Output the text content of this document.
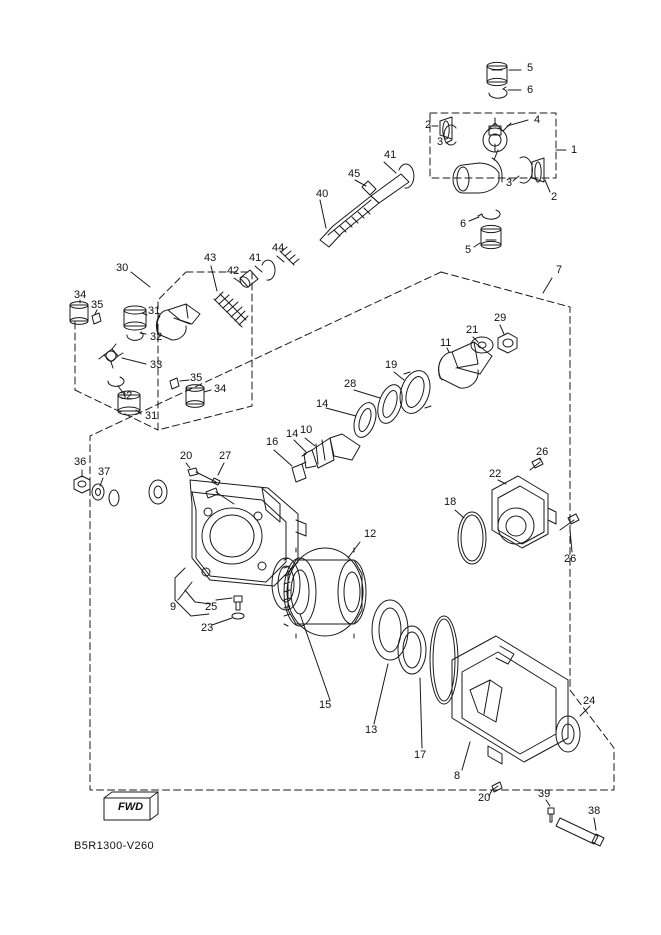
5
6
4
2
3
1
3
2
6
5
41
45
40
44
41
42
43
30	7
34
35	31
29
21
32	11
33	19
28
35
34
32
14
31
10
16
26
20 27
36
37	22
14
18
26
12
9	25
23
15
13
17
8
24
20	39
38
FWD
B5R1300-V260
